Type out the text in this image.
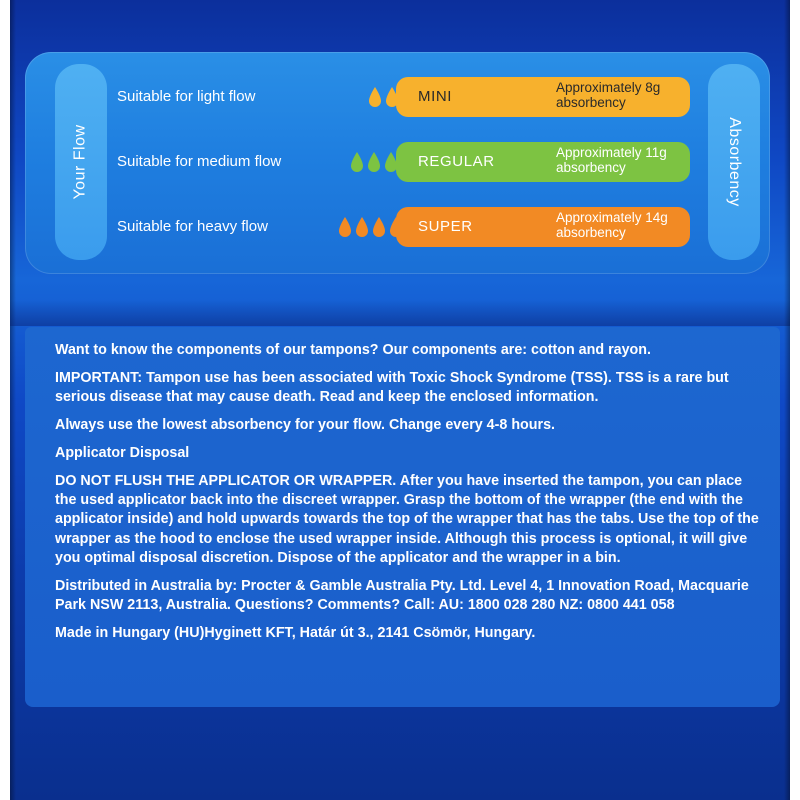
Your Flow	Absorbency
Suitable for light flow	MINI
Approximately 8g
absorbency
Suitable for medium flow	REGULAR
Approximately 11g
absorbency
Suitable for heavy flow	SUPER
Approximately 14g
absorbency

Want to know the components of our tampons? Our components are: cotton and rayon.

IMPORTANT: Tampon use has been associated with Toxic Shock Syndrome (TSS). TSS is a rare but serious disease that may cause death. Read and keep the enclosed information.

Always use the lowest absorbency for your flow. Change every 4-8 hours.

Applicator Disposal

DO NOT FLUSH THE APPLICATOR OR WRAPPER. After you have inserted the tampon, you can place the used applicator back into the discreet wrapper. Grasp the bottom of the wrapper (the end with the applicator inside) and hold upwards towards the top of the wrapper that has the tabs. Use the top of the wrapper as the hood to enclose the used wrapper inside. Although this process is optional, it will give you optimal disposal discretion. Dispose of the applicator and the wrapper in a bin.

Distributed in Australia by: Procter & Gamble Australia Pty. Ltd. Level 4, 1 Innovation Road, Macquarie Park NSW 2113, Australia. Questions? Comments? Call: AU: 1800 028 280 NZ: 0800 441 058

Made in Hungary (HU)Hyginett KFT, Határ út 3., 2141 Csömör, Hungary.
